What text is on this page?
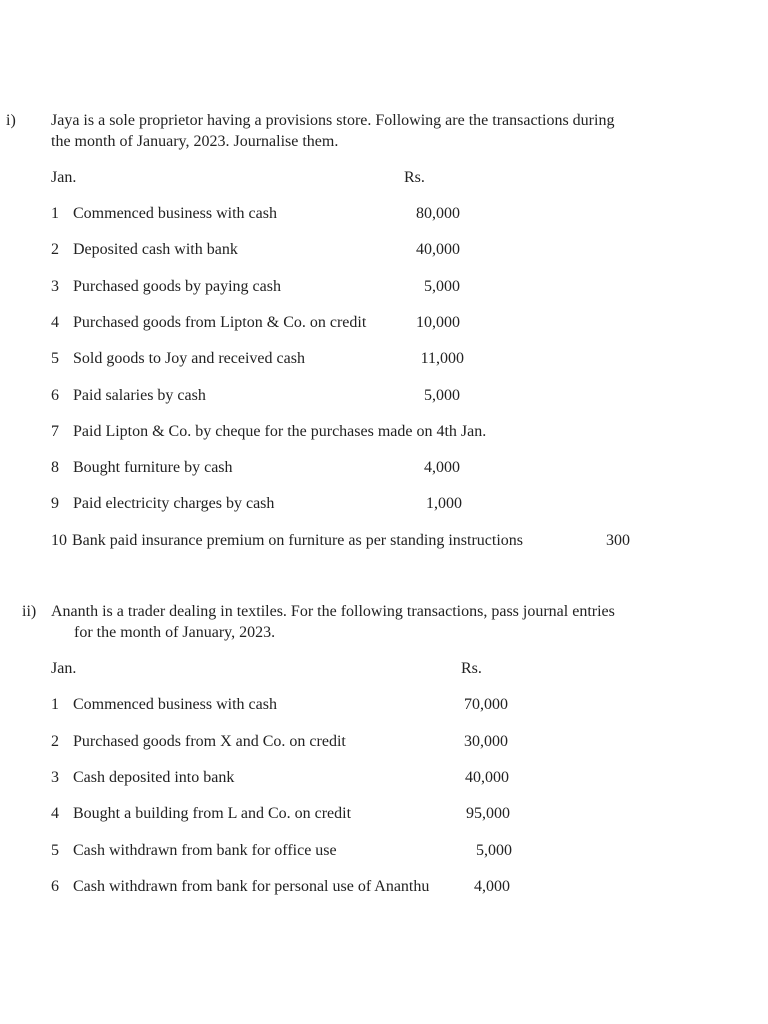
i) Jaya is a sole proprietor having a provisions store. Following are the transactions during
the month of January, 2023. Journalise them.
Jan.	Rs.
1 Commenced business with cash	80,000
2 Deposited cash with bank	40,000
3 Purchased goods by paying cash	5,000
4 Purchased goods from Lipton & Co. on credit	10,000
5 Sold goods to Joy and received cash	11,000
6 Paid salaries by cash	5,000
7 Paid Lipton & Co. by cheque for the purchases made on 4th Jan.
8 Bought furniture by cash	4,000
9 Paid electricity charges by cash	1,000
10 Bank paid insurance premium on furniture as per standing instructions	300
ii) Ananth is a trader dealing in textiles. For the following transactions, pass journal entries
for the month of January, 2023.
Jan.	Rs.
1 Commenced business with cash	70,000
2 Purchased goods from X and Co. on credit	30,000
3 Cash deposited into bank	40,000
4 Bought a building from L and Co. on credit	95,000
5 Cash withdrawn from bank for office use	5,000
6 Cash withdrawn from bank for personal use of Ananthu	4,000
